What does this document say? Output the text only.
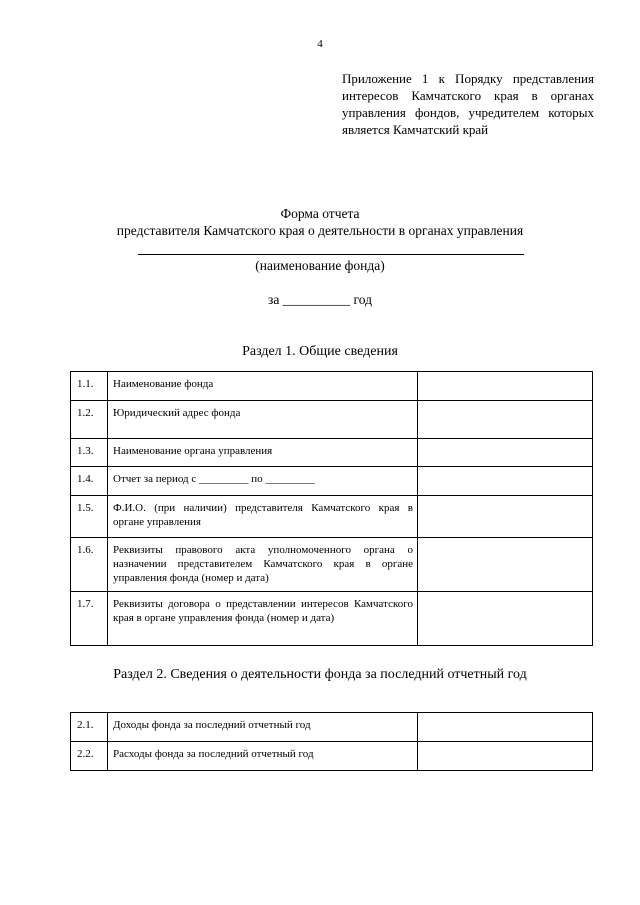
4
Приложение 1 к Порядку представления интересов Камчатского края в органах управления фондов, учредителем которых является Камчатский край
Форма отчета
представителя Камчатского края о деятельности в органах управления
(наименование фонда)
за __________ год
Раздел 1. Общие сведения
1.1.	Наименование фонда	
1.2.	Юридический адрес фонда	
1.3.	Наименование органа управления	
1.4.	Отчет за период с _________ по _________	
1.5.	Ф.И.О. (при наличии) представителя Камчатского края в органе управления	
1.6.	Реквизиты правового акта уполномоченного органа о назначении представителем Камчатского края в органе управления фонда (номер и дата)	
1.7.	Реквизиты договора о представлении интересов Камчатского края в органе управления фонда (номер и дата)	
Раздел 2. Сведения о деятельности фонда за последний отчетный год
2.1.	Доходы фонда за последний отчетный год	
2.2.	Расходы фонда за последний отчетный год	
